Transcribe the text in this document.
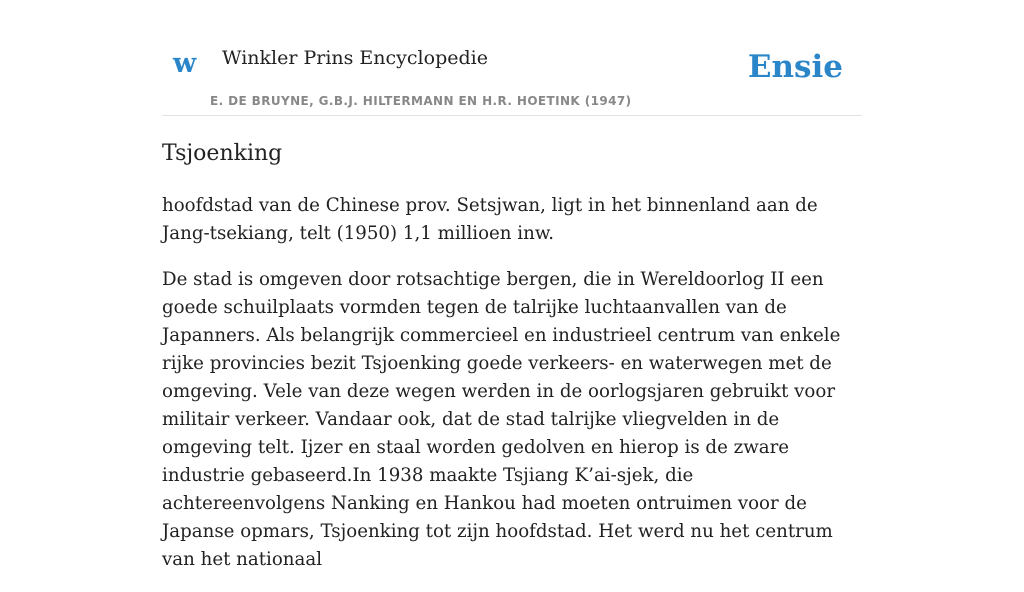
w Winkler Prins Encyclopedie
E. DE BRUYNE, G.B.J. HILTERMANN EN H.R. HOETINK (1947)
Ensie
Tsjoenking

hoofdstad van de Chinese prov. Setsjwan, ligt in het binnenland aan de Jang-tsekiang, telt (1950) 1,1 millioen inw.

De stad is omgeven door rotsachtige bergen, die in Wereldoorlog II een goede schuilplaats vormden tegen de talrijke luchtaanvallen van de Japanners. Als belangrijk commercieel en industrieel centrum van enkele rijke provincies bezit Tsjoenking goede verkeers- en waterwegen met de omgeving. Vele van deze wegen werden in de oorlogsjaren gebruikt voor militair verkeer. Vandaar ook, dat de stad talrijke vliegvelden in de omgeving telt. Ijzer en staal worden gedolven en hierop is de zware industrie gebaseerd.In 1938 maakte Tsjiang K’ai-sjek, die achtereenvolgens Nanking en Hankou had moeten ontruimen voor de Japanse opmars, Tsjoenking tot zijn hoofdstad. Het werd nu het centrum van het nationaal
